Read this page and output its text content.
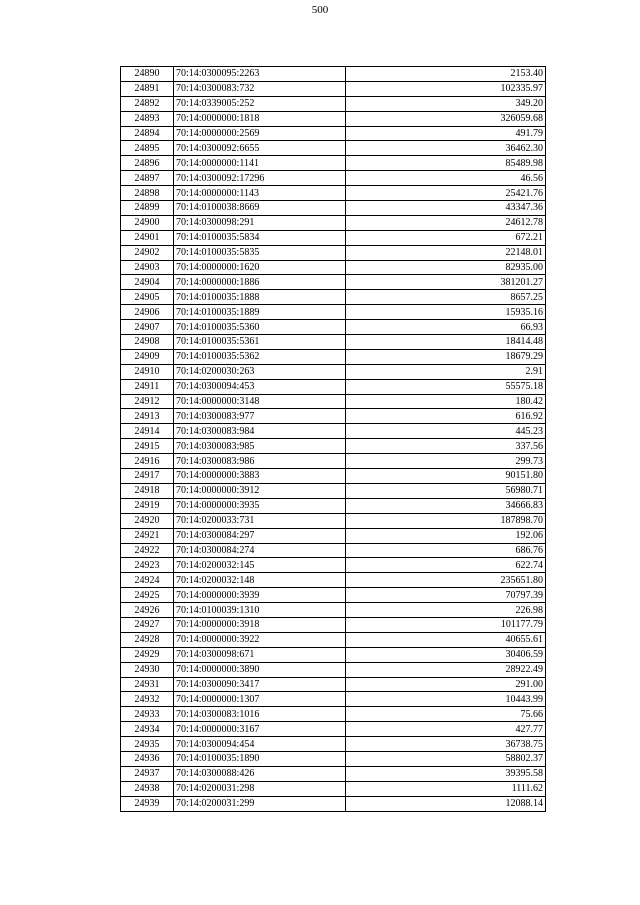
500
24890	70:14:0300095:2263	2153.40
24891	70:14:0300083:732	102335.97
24892	70:14:0339005:252	349.20
24893	70:14:0000000:1818	326059.68
24894	70:14:0000000:2569	491.79
24895	70:14:0300092:6655	36462.30
24896	70:14:0000000:1141	85489.98
24897	70:14:0300092:17296	46.56
24898	70:14:0000000:1143	25421.76
24899	70:14:0100038:8669	43347.36
24900	70:14:0300098:291	24612.78
24901	70:14:0100035:5834	672.21
24902	70:14:0100035:5835	22148.01
24903	70:14:0000000:1620	82935.00
24904	70:14:0000000:1886	381201.27
24905	70:14:0100035:1888	8657.25
24906	70:14:0100035:1889	15935.16
24907	70:14:0100035:5360	66.93
24908	70:14:0100035:5361	18414.48
24909	70:14:0100035:5362	18679.29
24910	70:14:0200030:263	2.91
24911	70:14:0300094:453	55575.18
24912	70:14:0000000:3148	180.42
24913	70:14:0300083:977	616.92
24914	70:14:0300083:984	445.23
24915	70:14:0300083:985	337.56
24916	70:14:0300083:986	299.73
24917	70:14:0000000:3883	90151.80
24918	70:14:0000000:3912	56980.71
24919	70:14:0000000:3935	34666.83
24920	70:14:0200033:731	187898.70
24921	70:14:0300084:297	192.06
24922	70:14:0300084:274	686.76
24923	70:14:0200032:145	622.74
24924	70:14:0200032:148	235651.80
24925	70:14:0000000:3939	70797.39
24926	70:14:0100039:1310	226.98
24927	70:14:0000000:3918	101177.79
24928	70:14:0000000:3922	40655.61
24929	70:14:0300098:671	30406.59
24930	70:14:0000000:3890	28922.49
24931	70:14:0300090:3417	291.00
24932	70:14:0000000:1307	10443.99
24933	70:14:0300083:1016	75.66
24934	70:14:0000000:3167	427.77
24935	70:14:0300094:454	36738.75
24936	70:14:0100035:1890	58802.37
24937	70:14:0300088:426	39395.58
24938	70:14:0200031:298	1111.62
24939	70:14:0200031:299	12088.14
